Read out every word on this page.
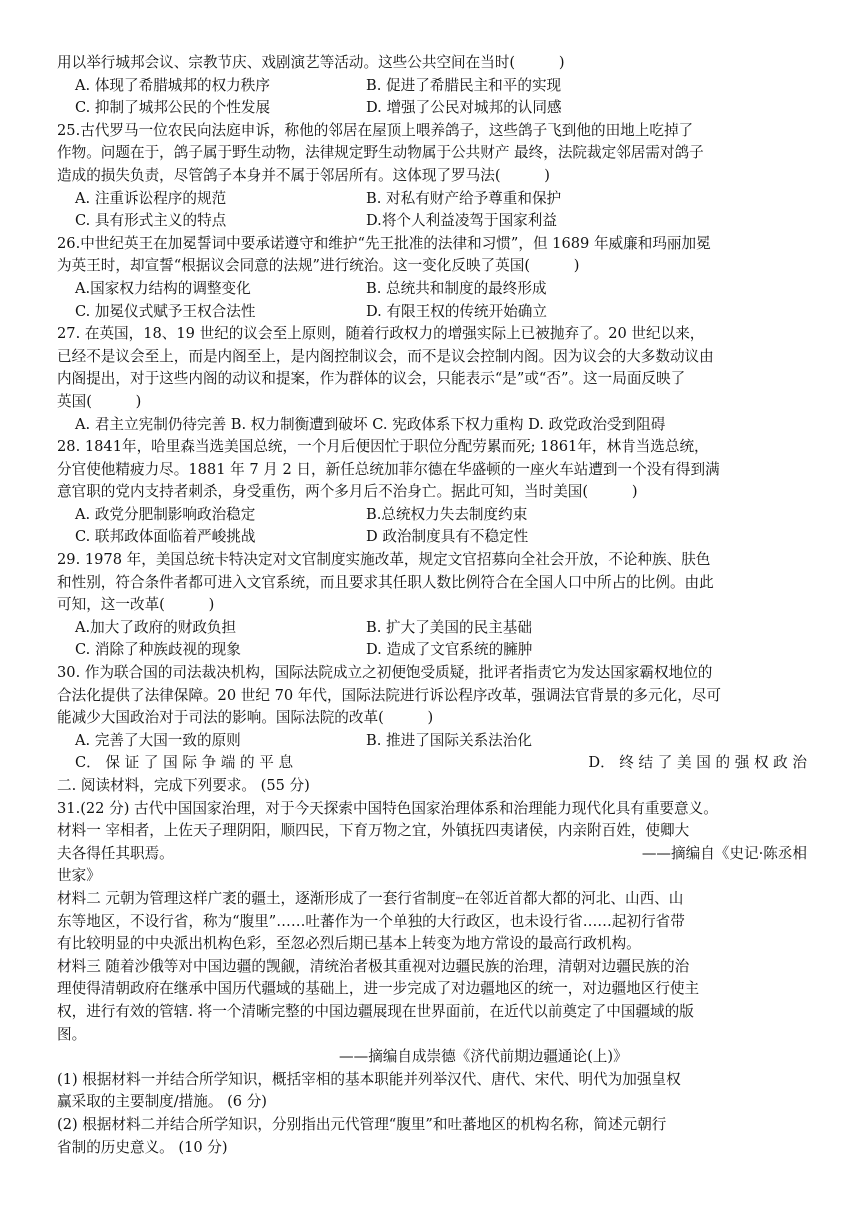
用以举行城邦会议、宗教节庆、戏剧演艺等活动。这些公共空间在当时(　　　)
A. 体现了希腊城邦的权力秩序	B. 促进了希腊民主和平的实现
C. 抑制了城邦公民的个性发展	D. 增强了公民对城邦的认同感
25.古代罗马一位农民向法庭申诉，称他的邻居在屋顶上喂养鸽子，这些鸽子飞到他的田地上吃掉了
作物。问题在于，鸽子属于野生动物，法律规定野生动物属于公共财产 最终，法院裁定邻居需对鸽子
造成的损失负责，尽管鸽子本身并不属于邻居所有。这体现了罗马法(　　　)
A. 注重诉讼程序的规范	B. 对私有财产给予尊重和保护
C. 具有形式主义的特点	D.将个人利益凌驾于国家利益
26.中世纪英王在加冕誓词中要承诺遵守和维护“先王批准的法律和习惯”，但 1689 年威廉和玛丽加冕
为英王时，却宣誓“根据议会同意的法规”进行统治。这一变化反映了英国(　　　)
A.国家权力结构的调整变化	B. 总统共和制度的最终形成
C. 加冕仪式赋予王权合法性	D. 有限王权的传统开始确立
27. 在英国，18、19 世纪的议会至上原则，随着行政权力的增强实际上已被抛弃了。20 世纪以来，
已经不是议会至上，而是内阁至上，是内阁控制议会，而不是议会控制内阁。因为议会的大多数动议由
内阁提出，对于这些内阁的动议和提案，作为群体的议会，只能表示“是”或“否”。这一局面反映了
英国(　　　)
A. 君主立宪制仍待完善 B. 权力制衡遭到破坏 C. 宪政体系下权力重构 D. 政党政治受到阻碍
28. 1841年，哈里森当选美国总统，一个月后便因忙于职位分配劳累而死; 1861年，林肯当选总统，
分官使他精疲力尽。1881 年 7 月 2 日，新任总统加菲尔德在华盛顿的一座火车站遭到一个没有得到满
意官职的党内支持者刺杀，身受重伤，两个多月后不治身亡。据此可知，当时美国(　　　)
A. 政党分肥制影响政治稳定	B.总统权力失去制度约束
C. 联邦政体面临着严峻挑战	D 政治制度具有不稳定性
29. 1978 年，美国总统卡特决定对文官制度实施改革，规定文官招募向全社会开放，不论种族、肤色
和性别，符合条件者都可进入文官系统，而且要求其任职人数比例符合在全国人口中所占的比例。由此
可知，这一改革(　　　)
A.加大了政府的财政负担	B. 扩大了美国的民主基础
C. 消除了种族歧视的现象	D. 造成了文官系统的臃肿
30. 作为联合国的司法裁决机构，国际法院成立之初便饱受质疑，批评者指责它为发达国家霸权地位的
合法化提供了法律保障。20 世纪 70 年代，国际法院进行诉讼程序改革，强调法官背景的多元化，尽可
能减少大国政治对于司法的影响。国际法院的改革(　　　)
A. 完善了大国一致的原则	B. 推进了国际关系法治化
C． 保 证 了 国 际 争 端 的 平 息	D． 终 结 了 美 国 的 强 权 政 治
二. 阅读材料，完成下列要求。 (55 分)
31.(22 分) 古代中国国家治理，对于今天探索中国特色国家治理体系和治理能力现代化具有重要意义。
材料一 宰相者，上佐天子理阴阳，顺四民，下育万物之宜，外镇抚四夷诸侯，内亲附百姓，使卿大
夫各得任其职焉。	——摘编自《史记·陈丞相
世家》
材料二 元朝为管理这样广袤的疆土，逐渐形成了一套行省制度┈在邻近首都大都的河北、山西、山
东等地区，不设行省，称为“腹里”……吐蕃作为一个单独的大行政区，也未设行省……起初行省带
有比较明显的中央派出机构色彩，至忽必烈后期已基本上转变为地方常设的最高行政机构。
材料三 随着沙俄等对中国边疆的觊觎，清统治者极其重视对边疆民族的治理，清朝对边疆民族的治
理使得清朝政府在继承中国历代疆域的基础上，进一步完成了对边疆地区的统一，对边疆地区行使主
权，进行有效的管辖. 将一个清晰完整的中国边疆展现在世界面前，在近代以前奠定了中国疆域的版
图。
——摘编自成崇德《济代前期边疆通论(上)》
(1) 根据材料一并结合所学知识，概括宰相的基本职能并列举汉代、唐代、宋代、明代为加强皇权
赢采取的主要制度/措施。 (6 分)
(2) 根据材料二并结合所学知识，分别指出元代管理“腹里”和吐蕃地区的机构名称，简述元朝行
省制的历史意义。 (10 分)
